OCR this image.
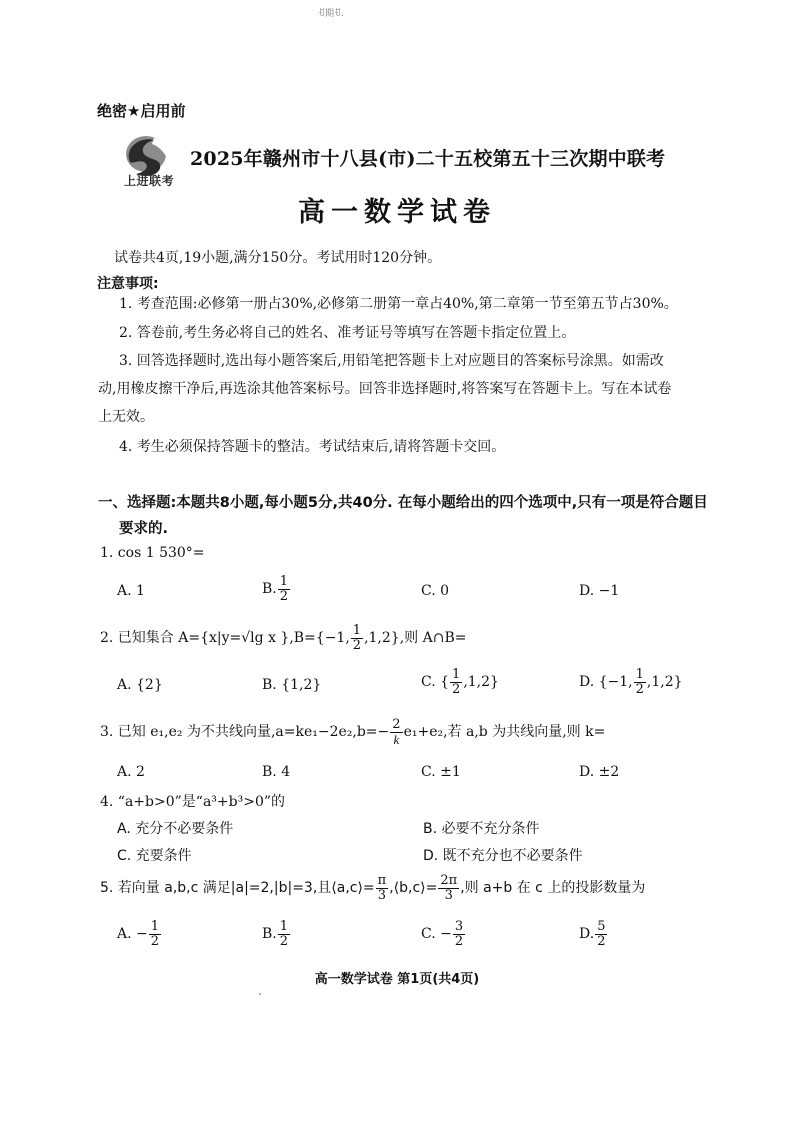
ꀀ期ꀀ.
绝密★启用前
上进联考
2025年赣州市十八县(市)二十五校第五十三次期中联考
高一数学试卷
试卷共4页,19小题,满分150分。考试用时120分钟。
注意事项:
1. 考查范围:必修第一册占30%,必修第二册第一章占40%,第二章第一节至第五节占30%。
2. 答卷前,考生务必将自己的姓名、准考证号等填写在答题卡指定位置上。
3. 回答选择题时,选出每小题答案后,用铅笔把答题卡上对应题目的答案标号涂黑。如需改
动,用橡皮擦干净后,再选涂其他答案标号。回答非选择题时,将答案写在答题卡上。写在本试卷
上无效。
4. 考生必须保持答题卡的整洁。考试结束后,请将答题卡交回。
一、选择题:本题共8小题,每小题5分,共40分. 在每小题给出的四个选项中,只有一项是符合题目
要求的.
1. cos 1 530°=
A. 1	B. $\frac{1}{2}$	C. 0	D. −1
2. 已知集合 A={x|y=√lg x },B={−1, $\frac{1}{2} ,1,2$},则 A∩B=
A. {2}	B. {1,2}	C. { $\frac{1}{2} ,1,2$}	D. {−1, $\frac{1}{2} ,1,2$}
3. 已知 e₁,e₂ 为不共线向量$,a=ke_1-2e_2,b=- \frac{2}{k} e_1+e_2$,若 a,b 为共线向量,则 k=
A. 2	B. 4	C. ±1	D. ±2
4. “a+b>0”是“a³+b³>0”的
A. 充分不必要条件	B. 必要不充分条件
C. 充要条件	D. 既不充分也不必要条件
5. 若向量 a,b,c 满足|a|=2,|b|=3,且⟨a,c⟩= $\frac{\pi}{3}$ ,⟨b,c⟩= $\frac{2\pi}{3}$ ,则 a+b 在 c 上的投影数量为
A. − $\frac{1}{2}$	B. $\frac{1}{2}$	C. − $\frac{3}{2}$	D. $\frac{5}{2}$
高一数学试卷 第1页(共4页)
